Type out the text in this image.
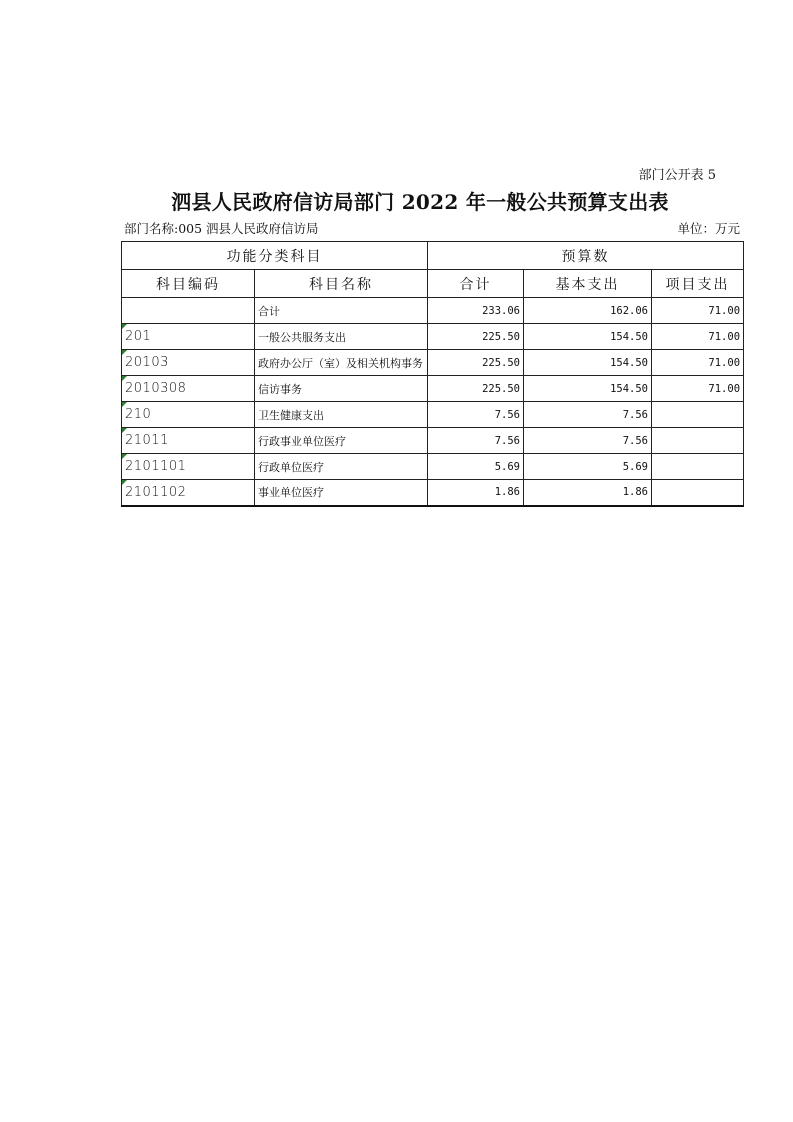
部门公开表 5
泗县人民政府信访局部门 2022 年一般公共预算支出表
部门名称:005 泗县人民政府信访局	单位：万元
功能分类科目		预算数		
科目编码	科目名称	合计	基本支出	项目支出
	合计	233.06	162.06	71.00

201	一般公共服务支出	225.50	154.50	71.00

20103	政府办公厅（室）及相关机构事务	225.50	154.50	71.00

2010308	信访事务	225.50	154.50	71.00

210	卫生健康支出	7.56	7.56	

21011	行政事业单位医疗	7.56	7.56	

2101101	行政单位医疗	5.69	5.69	

2101102	事业单位医疗	1.86	1.86	
